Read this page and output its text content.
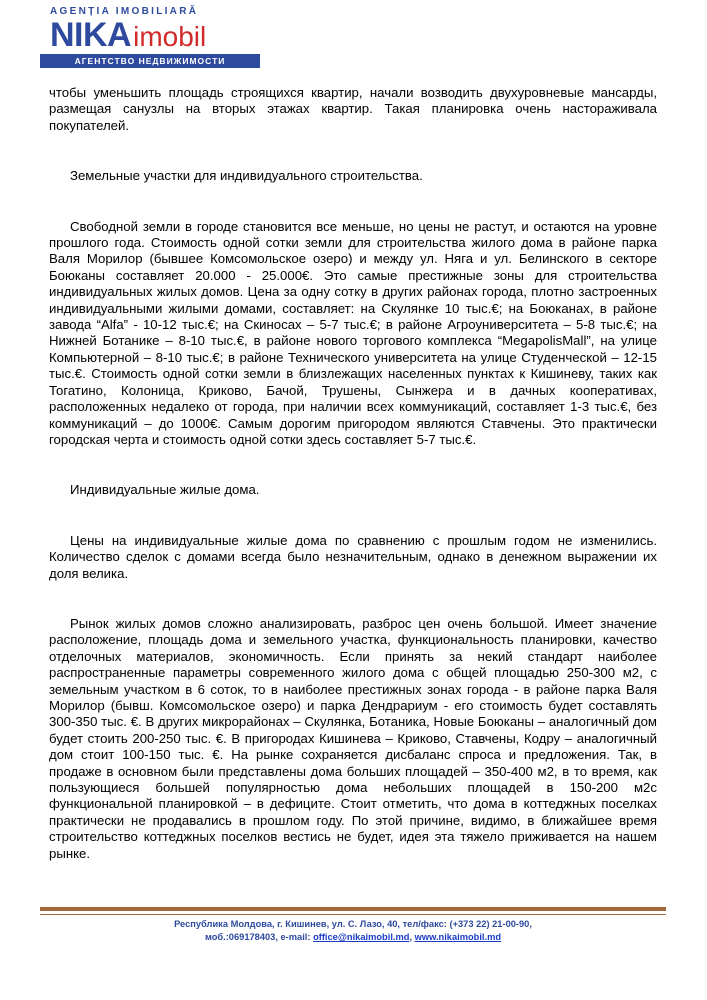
AGENȚIA IMOBILIARĂ
NIKAimobil
АГЕНТСТВО НЕДВИЖИМОСТИ

чтобы уменьшить площадь строящихся квартир, начали возводить двухуровневые мансарды, размещая санузлы на вторых этажах квартир. Такая планировка очень настораживала покупателей.

Земельные участки для индивидуального строительства.

Свободной земли в городе становится все меньше, но цены не растут, и остаются на уровне прошлого года. Стоимость одной сотки земли для строительства жилого дома в районе парка Валя Морилор (бывшее Комсомольское озеро) и между ул. Няга и ул. Белинского в секторе Боюканы составляет 20.000 - 25.000€. Это самые престижные зоны для строительства индивидуальных жилых домов. Цена за одну сотку в других районах города, плотно застроенных индивидуальными жилыми домами, составляет: на Скулянке 10 тыс.€; на Боюканах, в районе завода “Alfa” - 10-12 тыс.€; на Скиносах – 5-7 тыс.€; в районе Агроуниверситета – 5-8 тыс.€; на Нижней Ботанике – 8-10 тыс.€, в районе нового торгового комплекса “MegapolisMall”, на улице Компьютерной – 8-10 тыс.€; в районе Технического университета на улице Студенческой – 12-15 тыс.€. Стоимость одной сотки земли в близлежащих населенных пунктах к Кишиневу, таких как Тогатино, Колоница, Криково, Бачой, Трушены, Сынжера и в дачных кооперативах, расположенных недалеко от города, при наличии всех коммуникаций, составляет 1-3 тыс.€, без коммуникаций – до 1000€. Самым дорогим пригородом являются Ставчены. Это практически городская черта и стоимость одной сотки здесь составляет 5-7 тыс.€.

Индивидуальные жилые дома.

Цены на индивидуальные жилые дома по сравнению с прошлым годом не изменились. Количество сделок с домами всегда было незначительным, однако в денежном выражении их доля велика.

Рынок жилых домов сложно анализировать, разброс цен очень большой. Имеет значение расположение, площадь дома и земельного участка, функциональность планировки, качество отделочных материалов, экономичность. Если принять за некий стандарт наиболее распространенные параметры современного жилого дома с общей площадью 250-300 м2, с земельным участком в 6 соток, то в наиболее престижных зонах города - в районе парка Валя Морилор (бывш. Комсомольское озеро) и парка Дендрариум - его стоимость будет составлять 300-350 тыс. €. В других микрорайонах – Скулянка, Ботаника, Новые Боюканы – аналогичный дом будет стоить 200-250 тыс. €. В пригородах Кишинева – Криково, Ставчены, Кодру – аналогичный дом стоит 100-150 тыс. €. На рынке сохраняется дисбаланс спроса и предложения. Так, в продаже в основном были представлены дома больших площадей – 350-400 м2, в то время, как пользующиеся большей популярностью дома небольших площадей в 150-200 м2с функциональной планировкой – в дефиците. Стоит отметить, что дома в коттеджных поселках практически не продавались в прошлом году. По этой причине, видимо, в ближайшее время строительство коттеджных поселков вестись не будет, идея эта тяжело приживается на нашем рынке.

Республика Молдова, г. Кишинев, ул. С. Лазо, 40, тел/факс: (+373 22) 21-00-90,
моб.:069178403, e-mail: office@nikaimobil.md, www.nikaimobil.md
